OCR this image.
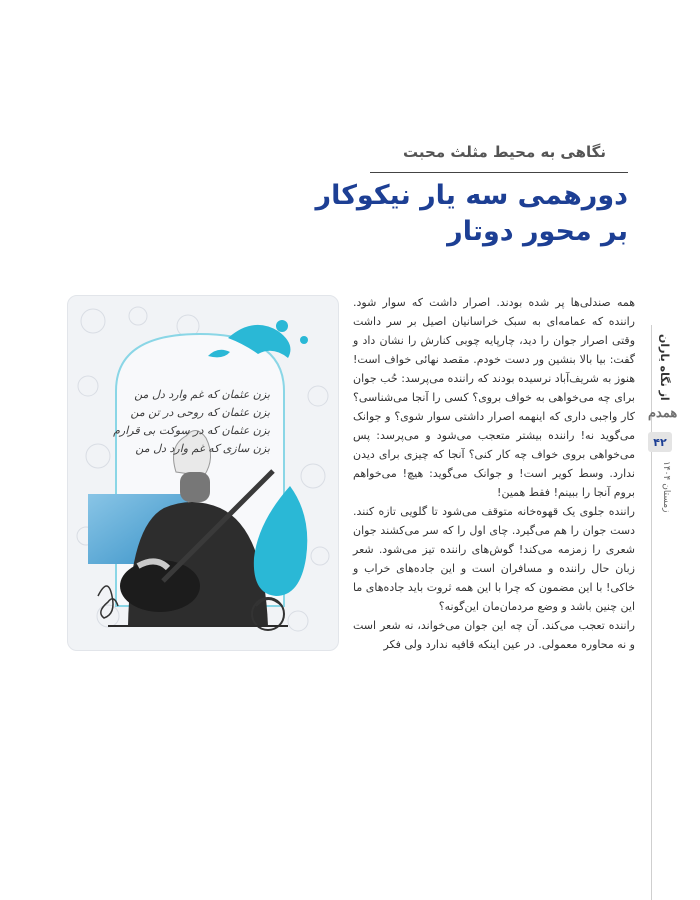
نگاهی به محیط مثلث محبت
دورهمی سه یار نیکوکار
بر محور دوتار
از نگاه یاران
همدم
۴۲
زمستان ۱۴۰۴

همه صندلی‌ها پر شده بودند. اصرار داشت که سوار شود. راننده که عمامه‌ای به سبک خراسانیان اصیل بر سر داشت وقتی اصرار جوان را دید، چارپایه چوبی کنارش را نشان داد و گفت: بیا بالا بنشین ور دست خودم. مقصد نهائی خواف است! هنوز به شریف‌آباد نرسیده بودند که راننده می‌پرسد: حُب جوان برای چه می‌خواهی به خواف بروی؟ کسی را آنجا می‌شناسی؟ کار واجبی داری که اینهمه اصرار داشتی سوار شوی؟ و جوانک می‌گوید نه! راننده بیشتر متعجب می‌شود و می‌پرسد: پس می‌خواهی بروی خواف چه کار کنی؟ آنجا که چیزی برای دیدن ندارد. وسط کویر است! و جوانک می‌گوید: هیچ! می‌خواهم بروم آنجا را ببینم! فقط همین!

راننده جلوی یک قهوه‌خانه متوقف می‌شود تا گلویی تازه کنند. دست جوان را هم می‌گیرد. چای اول را که سر می‌کشند جوان شعری را زمزمه می‌کند! گوش‌های راننده تیز می‌شود. شعر زبان حال راننده و مسافران است و این جاده‌های خراب و خاکی! با این مضمون که چرا با این همه ثروت باید جاده‌های ما این چنین باشد و وضع مردمان‌مان این‌گونه؟

راننده تعجب می‌کند. آن چه این جوان می‌خواند، نه شعر است و نه محاوره معمولی. در عین اینکه قافیه ندارد ولی فکر

بزن عثمان که غم وارد دل من
بزن عثمان که روحی در تن من
بزن عثمان که در سوکت بی قرارم
بزن سازی که غم وارد دل من
